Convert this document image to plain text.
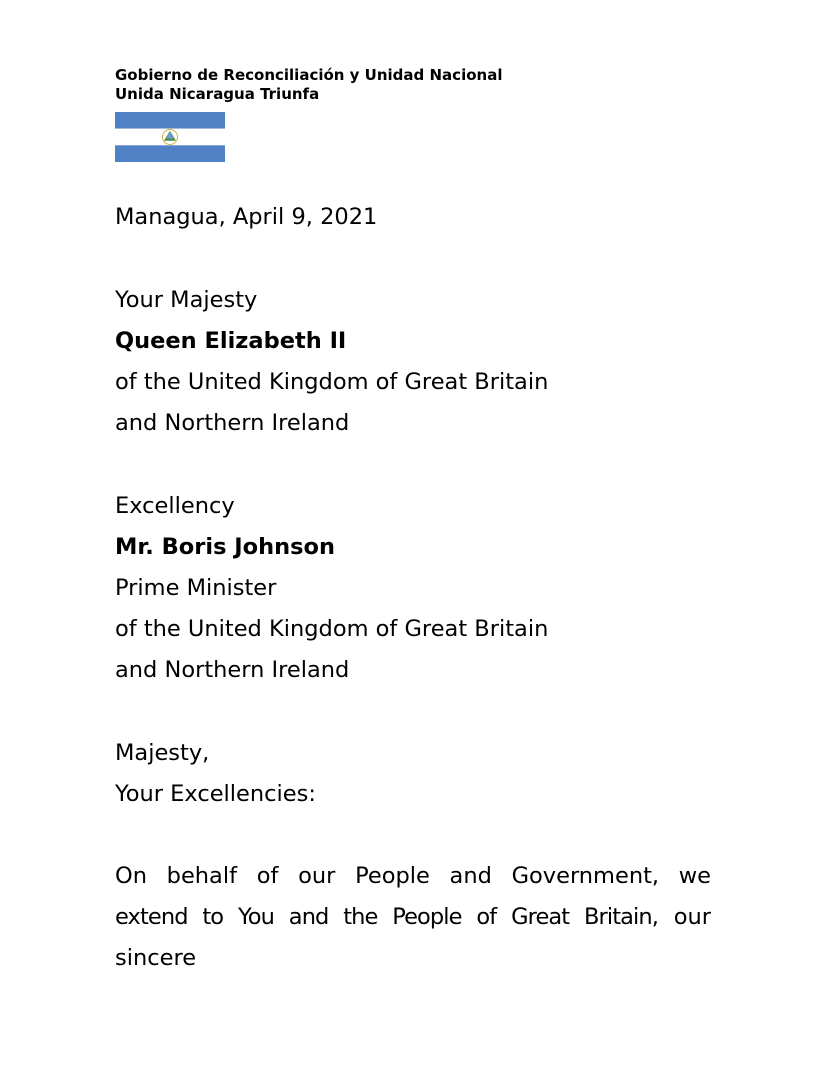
Gobierno de Reconciliación y Unidad Nacional
Unida Nicaragua Triunfa
Managua, April 9, 2021
Your Majesty
Queen Elizabeth II
of the United Kingdom of Great Britain
and Northern Ireland
Excellency
Mr. Boris Johnson
Prime Minister
of the United Kingdom of Great Britain
and Northern Ireland
Majesty,
Your Excellencies:
On behalf of our People and Government, we
extend to You and the People of Great Britain, our sincere
